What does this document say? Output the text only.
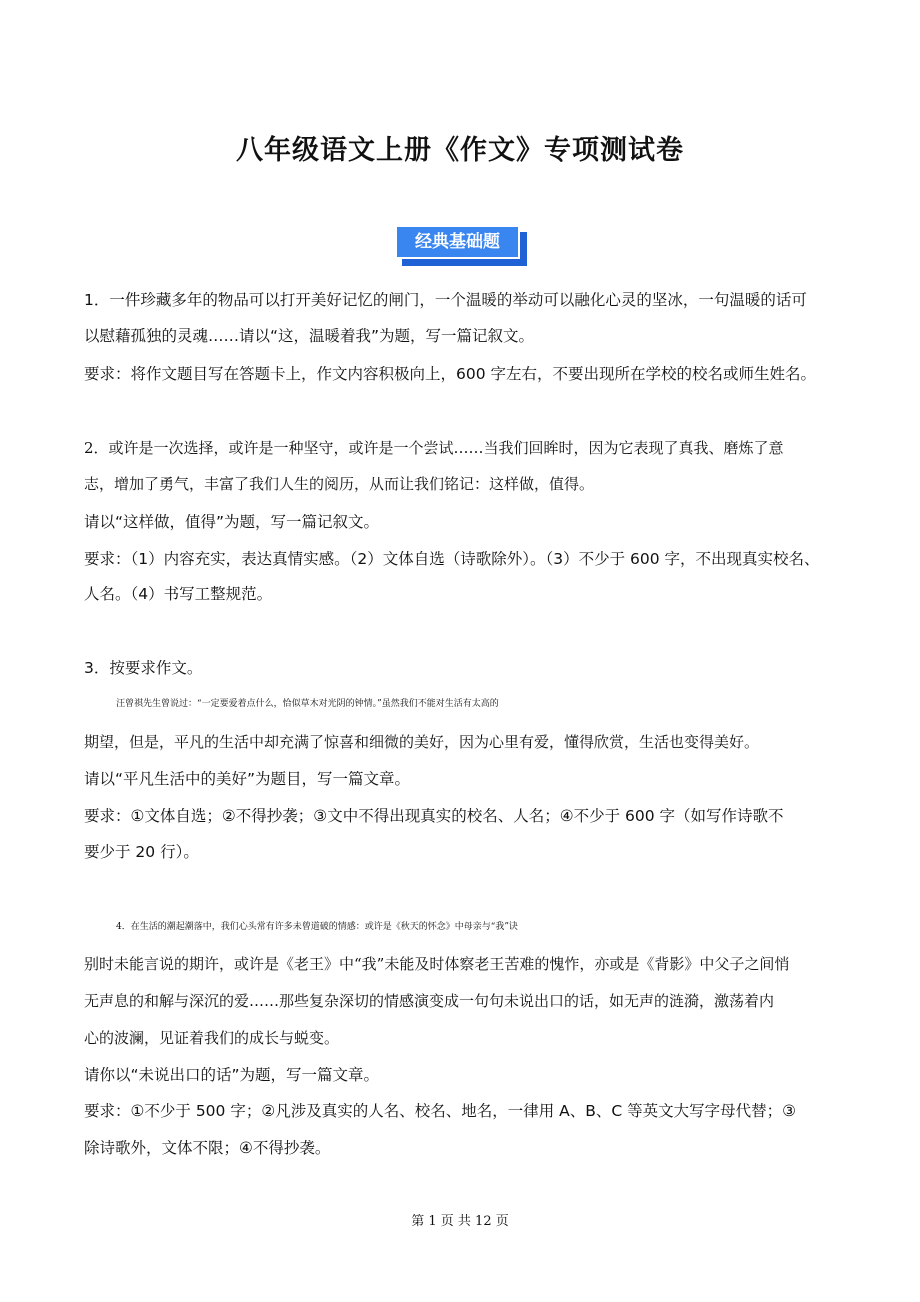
八年级语文上册《作文》专项测试卷
经典基础题
1．一件珍藏多年的物品可以打开美好记忆的闸门，一个温暖的举动可以融化心灵的坚冰，一句温暖的话可
以慰藉孤独的灵魂……请以“这，温暖着我”为题，写一篇记叙文。
要求：将作文题目写在答题卡上，作文内容积极向上，600 字左右，不要出现所在学校的校名或师生姓名。
2．或许是一次选择，或许是一种坚守，或许是一个尝试……当我们回眸时，因为它表现了真我、磨炼了意
志，增加了勇气，丰富了我们人生的阅历，从而让我们铭记：这样做，值得。
请以“这样做，值得”为题，写一篇记叙文。
要求：（1）内容充实，表达真情实感。（2）文体自选（诗歌除外）。（3）不少于 600 字，不出现真实校名、
人名。（4）书写工整规范。
3．按要求作文。
汪曾祺先生曾说过：“一定要爱着点什么，恰似草木对光阴的钟情。”虽然我们不能对生活有太高的
期望，但是，平凡的生活中却充满了惊喜和细微的美好，因为心里有爱，懂得欣赏，生活也变得美好。
请以“平凡生活中的美好”为题目，写一篇文章。
要求：①文体自选；②不得抄袭；③文中不得出现真实的校名、人名；④不少于 600 字（如写作诗歌不
要少于 20 行）。
4．在生活的潮起潮落中，我们心头常有许多未曾道破的情感：或许是《秋天的怀念》中母亲与“我”诀
别时未能言说的期许，或许是《老王》中“我”未能及时体察老王苦难的愧怍，亦或是《背影》中父子之间悄
无声息的和解与深沉的爱……那些复杂深切的情感演变成一句句未说出口的话，如无声的涟漪，激荡着内
心的波澜，见证着我们的成长与蜕变。
请你以“未说出口的话”为题，写一篇文章。
要求：①不少于 500 字；②凡涉及真实的人名、校名、地名，一律用 A、B、C 等英文大写字母代替；③
除诗歌外，文体不限；④不得抄袭。
第 1 页 共 12 页
